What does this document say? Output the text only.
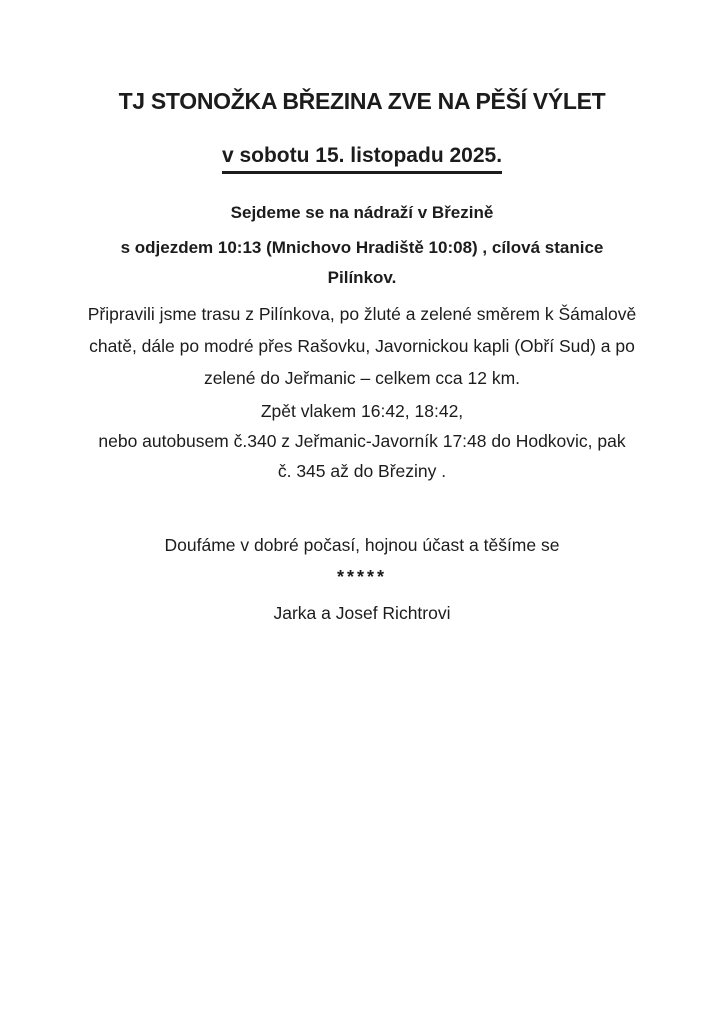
TJ STONOŽKA BŘEZINA ZVE NA PĚŠÍ VÝLET
v sobotu 15. listopadu 2025.

Sejdeme se na nádraží v Březině

s odjezdem 10:13 (Mnichovo Hradiště 10:08) , cílová stanice
Pilínkov.

Připravili jsme trasu z Pilínkova, po žluté a zelené směrem k Šámalově
chatě, dále po modré přes Rašovku, Javornickou kapli (Obří Sud) a po
zelené do Jeřmanic – celkem cca 12 km.

Zpět vlakem 16:42, 18:42,
nebo autobusem č.340 z Jeřmanic-Javorník 17:48 do Hodkovic, pak
č. 345 až do Březiny .

Doufáme v dobré počasí, hojnou účast a těšíme se

*****

Jarka a Josef Richtrovi
